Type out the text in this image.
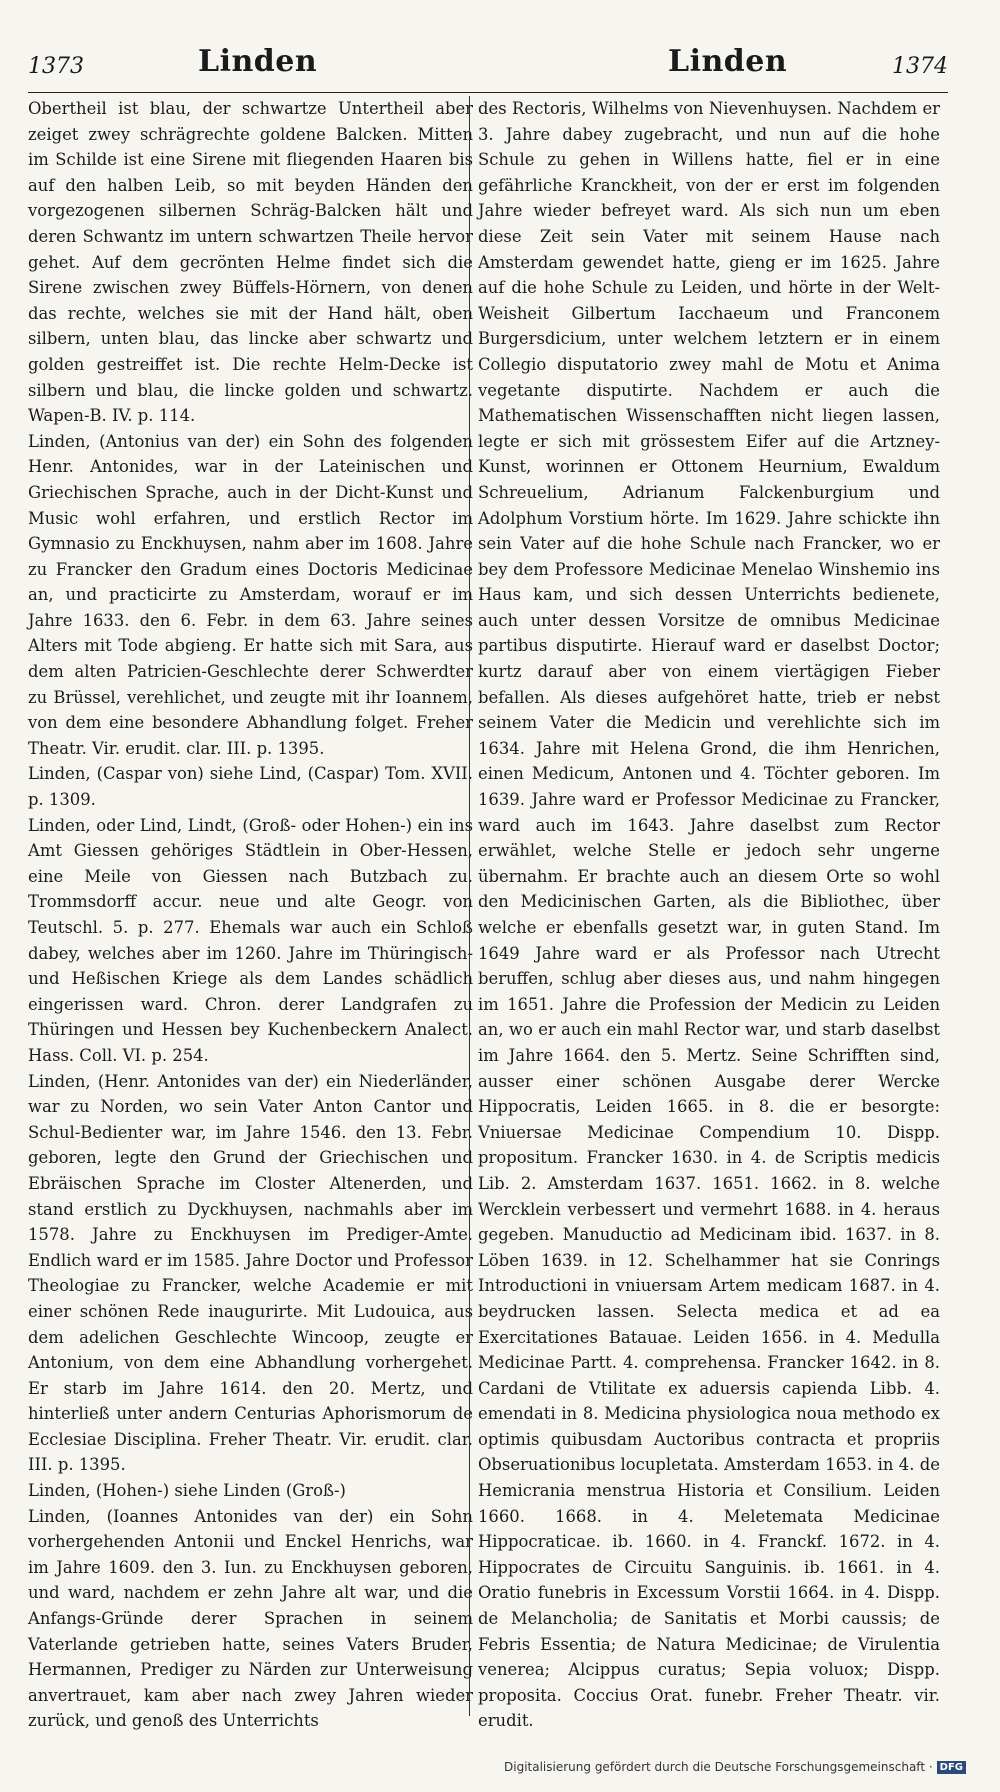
1373	Linden	Linden	1374

Obertheil ist blau, der schwartze Untertheil aber zeiget zwey schrägrechte goldene Balcken. Mitten im Schilde ist eine Sirene mit fliegenden Haaren bis auf den halben Leib, so mit beyden Händen den vorgezogenen silbernen Schräg-Balcken hält und deren Schwantz im untern schwartzen Theile hervor gehet. Auf dem gecrönten Helme findet sich die Sirene zwischen zwey Büffels-Hörnern, von denen das rechte, welches sie mit der Hand hält, oben silbern, unten blau, das lincke aber schwartz und golden gestreiffet ist. Die rechte Helm-Decke ist silbern und blau, die lincke golden und schwartz. Wapen-B. IV. p. 114.

Linden, (Antonius van der) ein Sohn des folgenden Henr. Antonides, war in der Lateinischen und Griechischen Sprache, auch in der Dicht-Kunst und Music wohl erfahren, und erstlich Rector im Gymnasio zu Enckhuysen, nahm aber im 1608. Jahre zu Francker den Gradum eines Doctoris Medicinae an, und practicirte zu Amsterdam, worauf er im Jahre 1633. den 6. Febr. in dem 63. Jahre seines Alters mit Tode abgieng. Er hatte sich mit Sara, aus dem alten Patricien-Geschlechte derer Schwerdter zu Brüssel, verehlichet, und zeugte mit ihr Ioannem, von dem eine besondere Abhandlung folget. Freher Theatr. Vir. erudit. clar. III. p. 1395.

Linden, (Caspar von) siehe Lind, (Caspar) Tom. XVII. p. 1309.

Linden, oder Lind, Lindt, (Groß- oder Hohen-) ein ins Amt Giessen gehöriges Städtlein in Ober-Hessen, eine Meile von Giessen nach Butzbach zu. Trommsdorff accur. neue und alte Geogr. von Teutschl. 5. p. 277. Ehemals war auch ein Schloß dabey, welches aber im 1260. Jahre im Thüringisch- und Heßischen Kriege als dem Landes schädlich eingerissen ward. Chron. derer Landgrafen zu Thüringen und Hessen bey Kuchenbeckern Analect. Hass. Coll. VI. p. 254.

Linden, (Henr. Antonides van der) ein Niederländer, war zu Norden, wo sein Vater Anton Cantor und Schul-Bedienter war, im Jahre 1546. den 13. Febr. geboren, legte den Grund der Griechischen und Ebräischen Sprache im Closter Altenerden, und stand erstlich zu Dyckhuysen, nachmahls aber im 1578. Jahre zu Enckhuysen im Prediger-Amte. Endlich ward er im 1585. Jahre Doctor und Professor Theologiae zu Francker, welche Academie er mit einer schönen Rede inaugurirte. Mit Ludouica, aus dem adelichen Geschlechte Wincoop, zeugte er Antonium, von dem eine Abhandlung vorhergehet. Er starb im Jahre 1614. den 20. Mertz, und hinterließ unter andern Centurias Aphorismorum de Ecclesiae Disciplina. Freher Theatr. Vir. erudit. clar. III. p. 1395.

Linden, (Hohen-) siehe Linden (Groß-)

Linden, (Ioannes Antonides van der) ein Sohn vorhergehenden Antonii und Enckel Henrichs, war im Jahre 1609. den 3. Iun. zu Enckhuysen geboren, und ward, nachdem er zehn Jahre alt war, und die Anfangs-Gründe derer Sprachen in seinem Vaterlande getrieben hatte, seines Vaters Bruder, Hermannen, Prediger zu Närden zur Unterweisung anvertrauet, kam aber nach zwey Jahren wieder zurück, und genoß des Unterrichts

des Rectoris, Wilhelms von Nievenhuysen. Nachdem er 3. Jahre dabey zugebracht, und nun auf die hohe Schule zu gehen in Willens hatte, fiel er in eine gefährliche Kranckheit, von der er erst im folgenden Jahre wieder befreyet ward. Als sich nun um eben diese Zeit sein Vater mit seinem Hause nach Amsterdam gewendet hatte, gieng er im 1625. Jahre auf die hohe Schule zu Leiden, und hörte in der Welt-Weisheit Gilbertum Iacchaeum und Franconem Burgersdicium, unter welchem letztern er in einem Collegio disputatorio zwey mahl de Motu et Anima vegetante disputirte. Nachdem er auch die Mathematischen Wissenschafften nicht liegen lassen, legte er sich mit grössestem Eifer auf die Artzney-Kunst, worinnen er Ottonem Heurnium, Ewaldum Schreuelium, Adrianum Falckenburgium und Adolphum Vorstium hörte. Im 1629. Jahre schickte ihn sein Vater auf die hohe Schule nach Francker, wo er bey dem Professore Medicinae Menelao Winshemio ins Haus kam, und sich dessen Unterrichts bedienete, auch unter dessen Vorsitze de omnibus Medicinae partibus disputirte. Hierauf ward er daselbst Doctor; kurtz darauf aber von einem viertägigen Fieber befallen. Als dieses aufgehöret hatte, trieb er nebst seinem Vater die Medicin und verehlichte sich im 1634. Jahre mit Helena Grond, die ihm Henrichen, einen Medicum, Antonen und 4. Töchter geboren. Im 1639. Jahre ward er Professor Medicinae zu Francker, ward auch im 1643. Jahre daselbst zum Rector erwählet, welche Stelle er jedoch sehr ungerne übernahm. Er brachte auch an diesem Orte so wohl den Medicinischen Garten, als die Bibliothec, über welche er ebenfalls gesetzt war, in guten Stand. Im 1649 Jahre ward er als Professor nach Utrecht beruffen, schlug aber dieses aus, und nahm hingegen im 1651. Jahre die Profession der Medicin zu Leiden an, wo er auch ein mahl Rector war, und starb daselbst im Jahre 1664. den 5. Mertz. Seine Schrifften sind, ausser einer schönen Ausgabe derer Wercke Hippocratis, Leiden 1665. in 8. die er besorgte: Vniuersae Medicinae Compendium 10. Dispp. propositum. Francker 1630. in 4. de Scriptis medicis Lib. 2. Amsterdam 1637. 1651. 1662. in 8. welche Wercklein verbessert und vermehrt 1688. in 4. heraus gegeben. Manuductio ad Medicinam ibid. 1637. in 8. Löben 1639. in 12. Schelhammer hat sie Conrings Introductioni in vniuersam Artem medicam 1687. in 4. beydrucken lassen. Selecta medica et ad ea Exercitationes Batauae. Leiden 1656. in 4. Medulla Medicinae Partt. 4. comprehensa. Francker 1642. in 8. Cardani de Vtilitate ex aduersis capienda Libb. 4. emendati in 8. Medicina physiologica noua methodo ex optimis quibusdam Auctoribus contracta et propriis Obseruationibus locupletata. Amsterdam 1653. in 4. de Hemicrania menstrua Historia et Consilium. Leiden 1660. 1668. in 4. Meletemata Medicinae Hippocraticae. ib. 1660. in 4. Franckf. 1672. in 4. Hippocrates de Circuitu Sanguinis. ib. 1661. in 4. Oratio funebris in Excessum Vorstii 1664. in 4. Dispp. de Melancholia; de Sanitatis et Morbi caussis; de Febris Essentia; de Natura Medicinae; de Virulentia venerea; Alcippus curatus; Sepia voluox; Dispp. proposita. Coccius Orat. funebr. Freher Theatr. vir. erudit.

Digitalisierung gefördert durch die Deutsche Forschungsgemeinschaft · DFG
